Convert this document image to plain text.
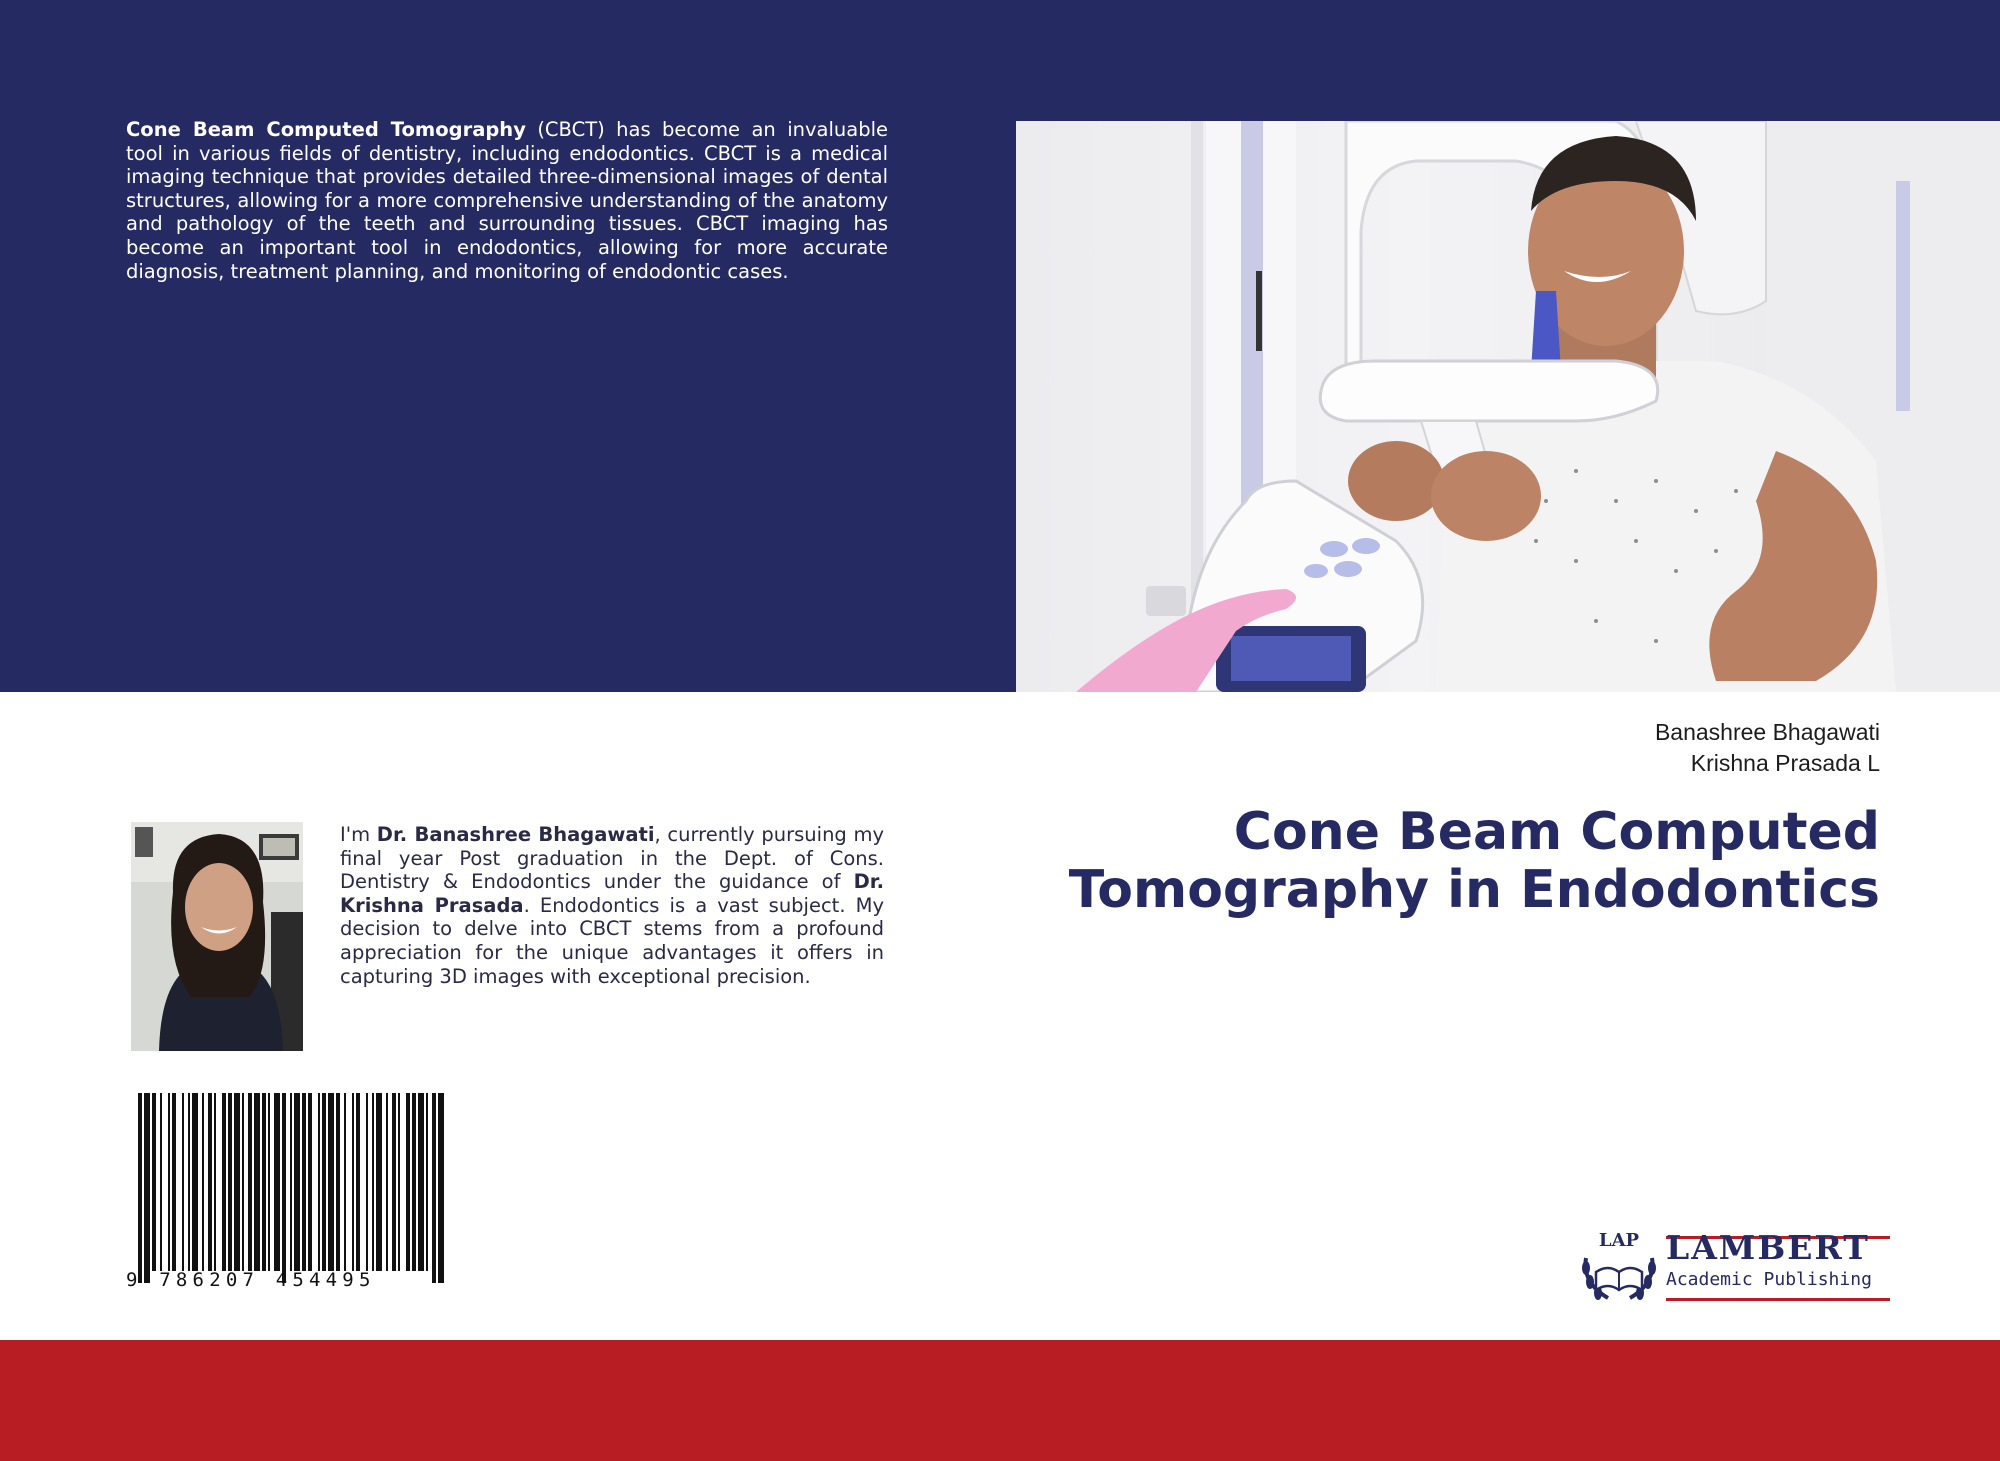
Cone Beam Computed Tomography (CBCT) has become an invaluable tool in various fields of dentistry, including endodontics. CBCT is a medical imaging technique that provides detailed three-dimensional images of dental structures, allowing for a more comprehensive understanding of the anatomy and pathology of the teeth and surrounding tissues. CBCT imaging has become an important tool in endodontics, allowing for more accurate diagnosis, treatment planning, and monitoring of endodontic cases.

Banashree Bhagawati
Krishna Prasada L
Cone Beam Computed
Tomography in Endodontics

I'm Dr. Banashree Bhagawati, currently pursuing my final year Post graduation in the Dept. of Cons. Dentistry & Endodontics under the guidance of Dr. Krishna Prasada. Endodontics is a vast subject. My decision to delve into CBCT stems from a profound appreciation for the unique advantages it offers in capturing 3D images with exceptional precision.

9 786207 454495
LAP LAMBERT
Academic Publishing
